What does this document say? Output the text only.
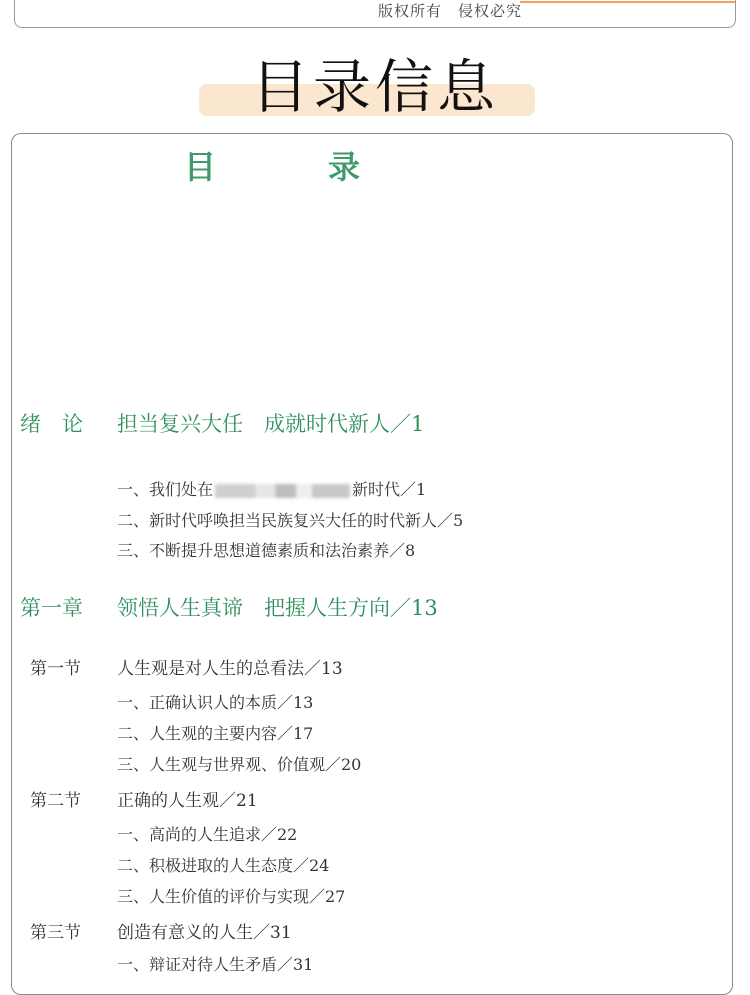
版权所有　侵权必究
目录信息
目　录
绪　论 担当复兴大任　成就时代新人／1
一、我们处在	新时代／1
二、新时代呼唤担当民族复兴大任的时代新人／5
三、不断提升思想道德素质和法治素养／8
第一章 领悟人生真谛　把握人生方向／13
第一节 人生观是对人生的总看法／13
一、正确认识人的本质／13
二、人生观的主要内容／17
三、人生观与世界观、价值观／20
第二节 正确的人生观／21
一、高尚的人生追求／22
二、积极进取的人生态度／24
三、人生价值的评价与实现／27
第三节 创造有意义的人生／31
一、辩证对待人生矛盾／31
